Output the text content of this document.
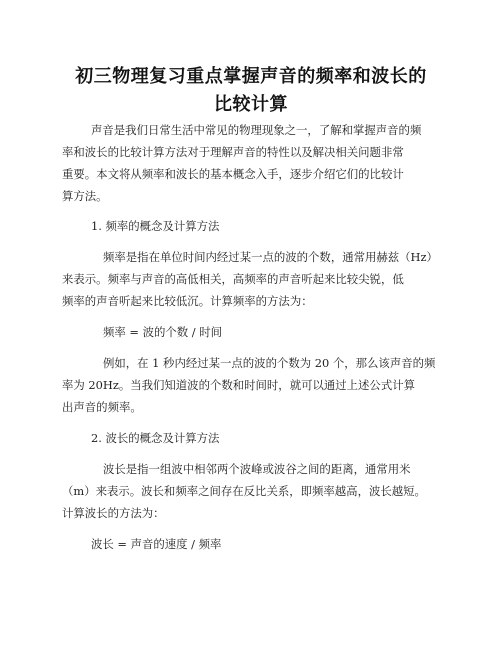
初三物理复习重点掌握声音的频率和波长的
比较计算
声音是我们日常生活中常见的物理现象之一，了解和掌握声音的频
率和波长的比较计算方法对于理解声音的特性以及解决相关问题非常
重要。本文将从频率和波长的基本概念入手，逐步介绍它们的比较计
算方法。
1. 频率的概念及计算方法
频率是指在单位时间内经过某一点的波的个数，通常用赫兹（Hz）
来表示。频率与声音的高低相关，高频率的声音听起来比较尖锐，低
频率的声音听起来比较低沉。计算频率的方法为：
频率 = 波的个数 / 时间
例如，在 1 秒内经过某一点的波的个数为 20 个，那么该声音的频
率为 20Hz。当我们知道波的个数和时间时，就可以通过上述公式计算
出声音的频率。
2. 波长的概念及计算方法
波长是指一组波中相邻两个波峰或波谷之间的距离，通常用米
（m）来表示。波长和频率之间存在反比关系，即频率越高，波长越短。
计算波长的方法为：
波长 = 声音的速度 / 频率
